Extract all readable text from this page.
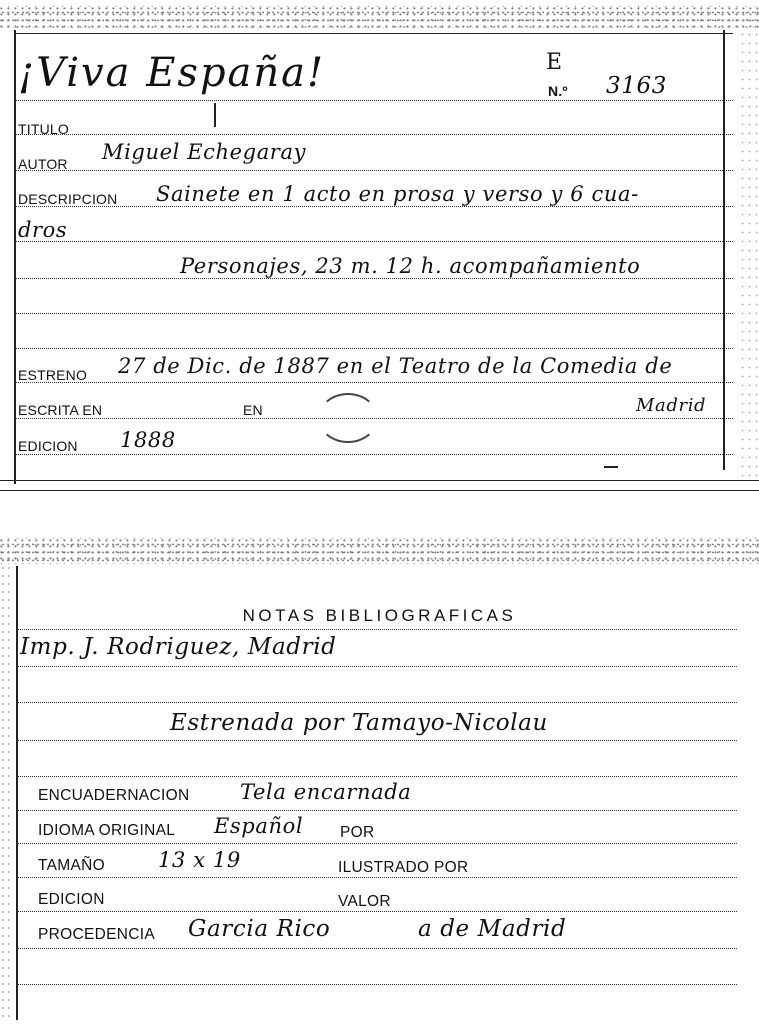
¡Viva España!	E
N.º 3163
TITULO
AUTOR Miguel Echegaray
DESCRIPCION Sainete en 1 acto en prosa y verso y 6 cua-
dros
Personajes, 23 m. 12 h. acompañamiento
ESTRENO 27 de Dic. de 1887 en el Teatro de la Comedia de
ESCRITA EN	EN	Madrid
EDICION 1888
NOTAS BIBLIOGRAFICAS
Imp. J. Rodriguez, Madrid
Estrenada por Tamayo-Nicolau
ENCUADERNACION Tela encarnada
IDIOMA ORIGINAL Español POR
TAMAÑO	13 x 19	ILUSTRADO POR
EDICION	VALOR
PROCEDENCIA Garcia Rico	a de Madrid
